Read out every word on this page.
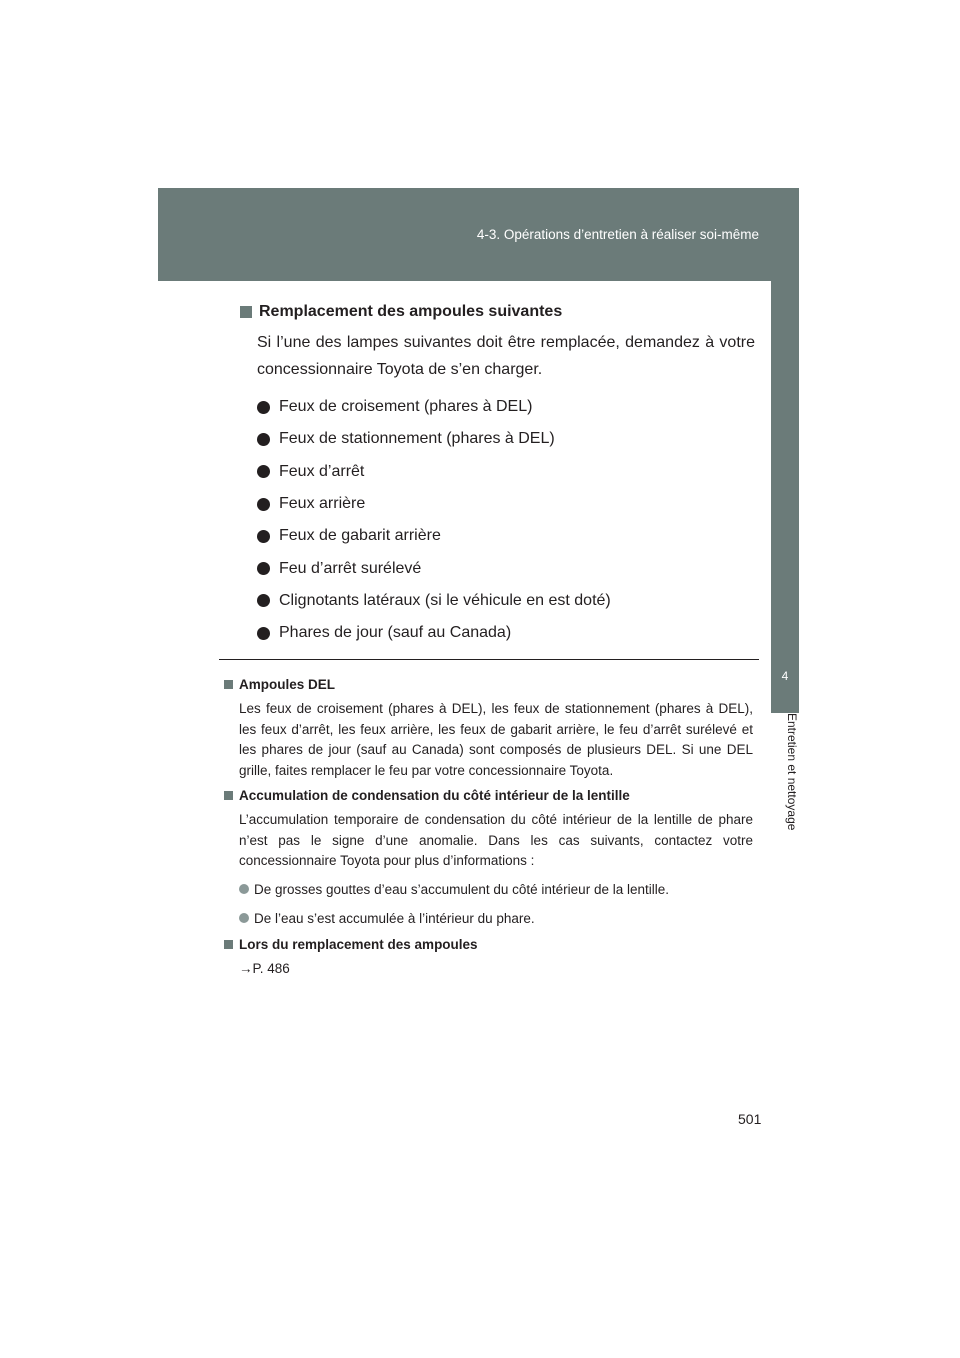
4-3. Opérations d’entretien à réaliser soi-même
4
Entretien et nettoyage
Remplacement des ampoules suivantes
Si l’une des lampes suivantes doit être remplacée, demandez à votre concessionnaire Toyota de s’en charger.
Feux de croisement (phares à DEL)
Feux de stationnement (phares à DEL)
Feux d’arrêt
Feux arrière
Feux de gabarit arrière
Feu d’arrêt surélevé
Clignotants latéraux (si le véhicule en est doté)
Phares de jour (sauf au Canada)
Ampoules DEL
Les feux de croisement (phares à DEL), les feux de stationnement (phares à DEL), les feux d’arrêt, les feux arrière, les feux de gabarit arrière, le feu d’arrêt surélevé et les phares de jour (sauf au Canada) sont composés de plusieurs DEL. Si une DEL grille, faites remplacer le feu par votre concessionnaire Toyota.
Accumulation de condensation du côté intérieur de la lentille
L’accumulation temporaire de condensation du côté intérieur de la lentille de phare n’est pas le signe d’une anomalie. Dans les cas suivants, contactez votre concessionnaire Toyota pour plus d’informations :
De grosses gouttes d’eau s’accumulent du côté intérieur de la lentille.
De l’eau s’est accumulée à l’intérieur du phare.
Lors du remplacement des ampoules
→P. 486
501
